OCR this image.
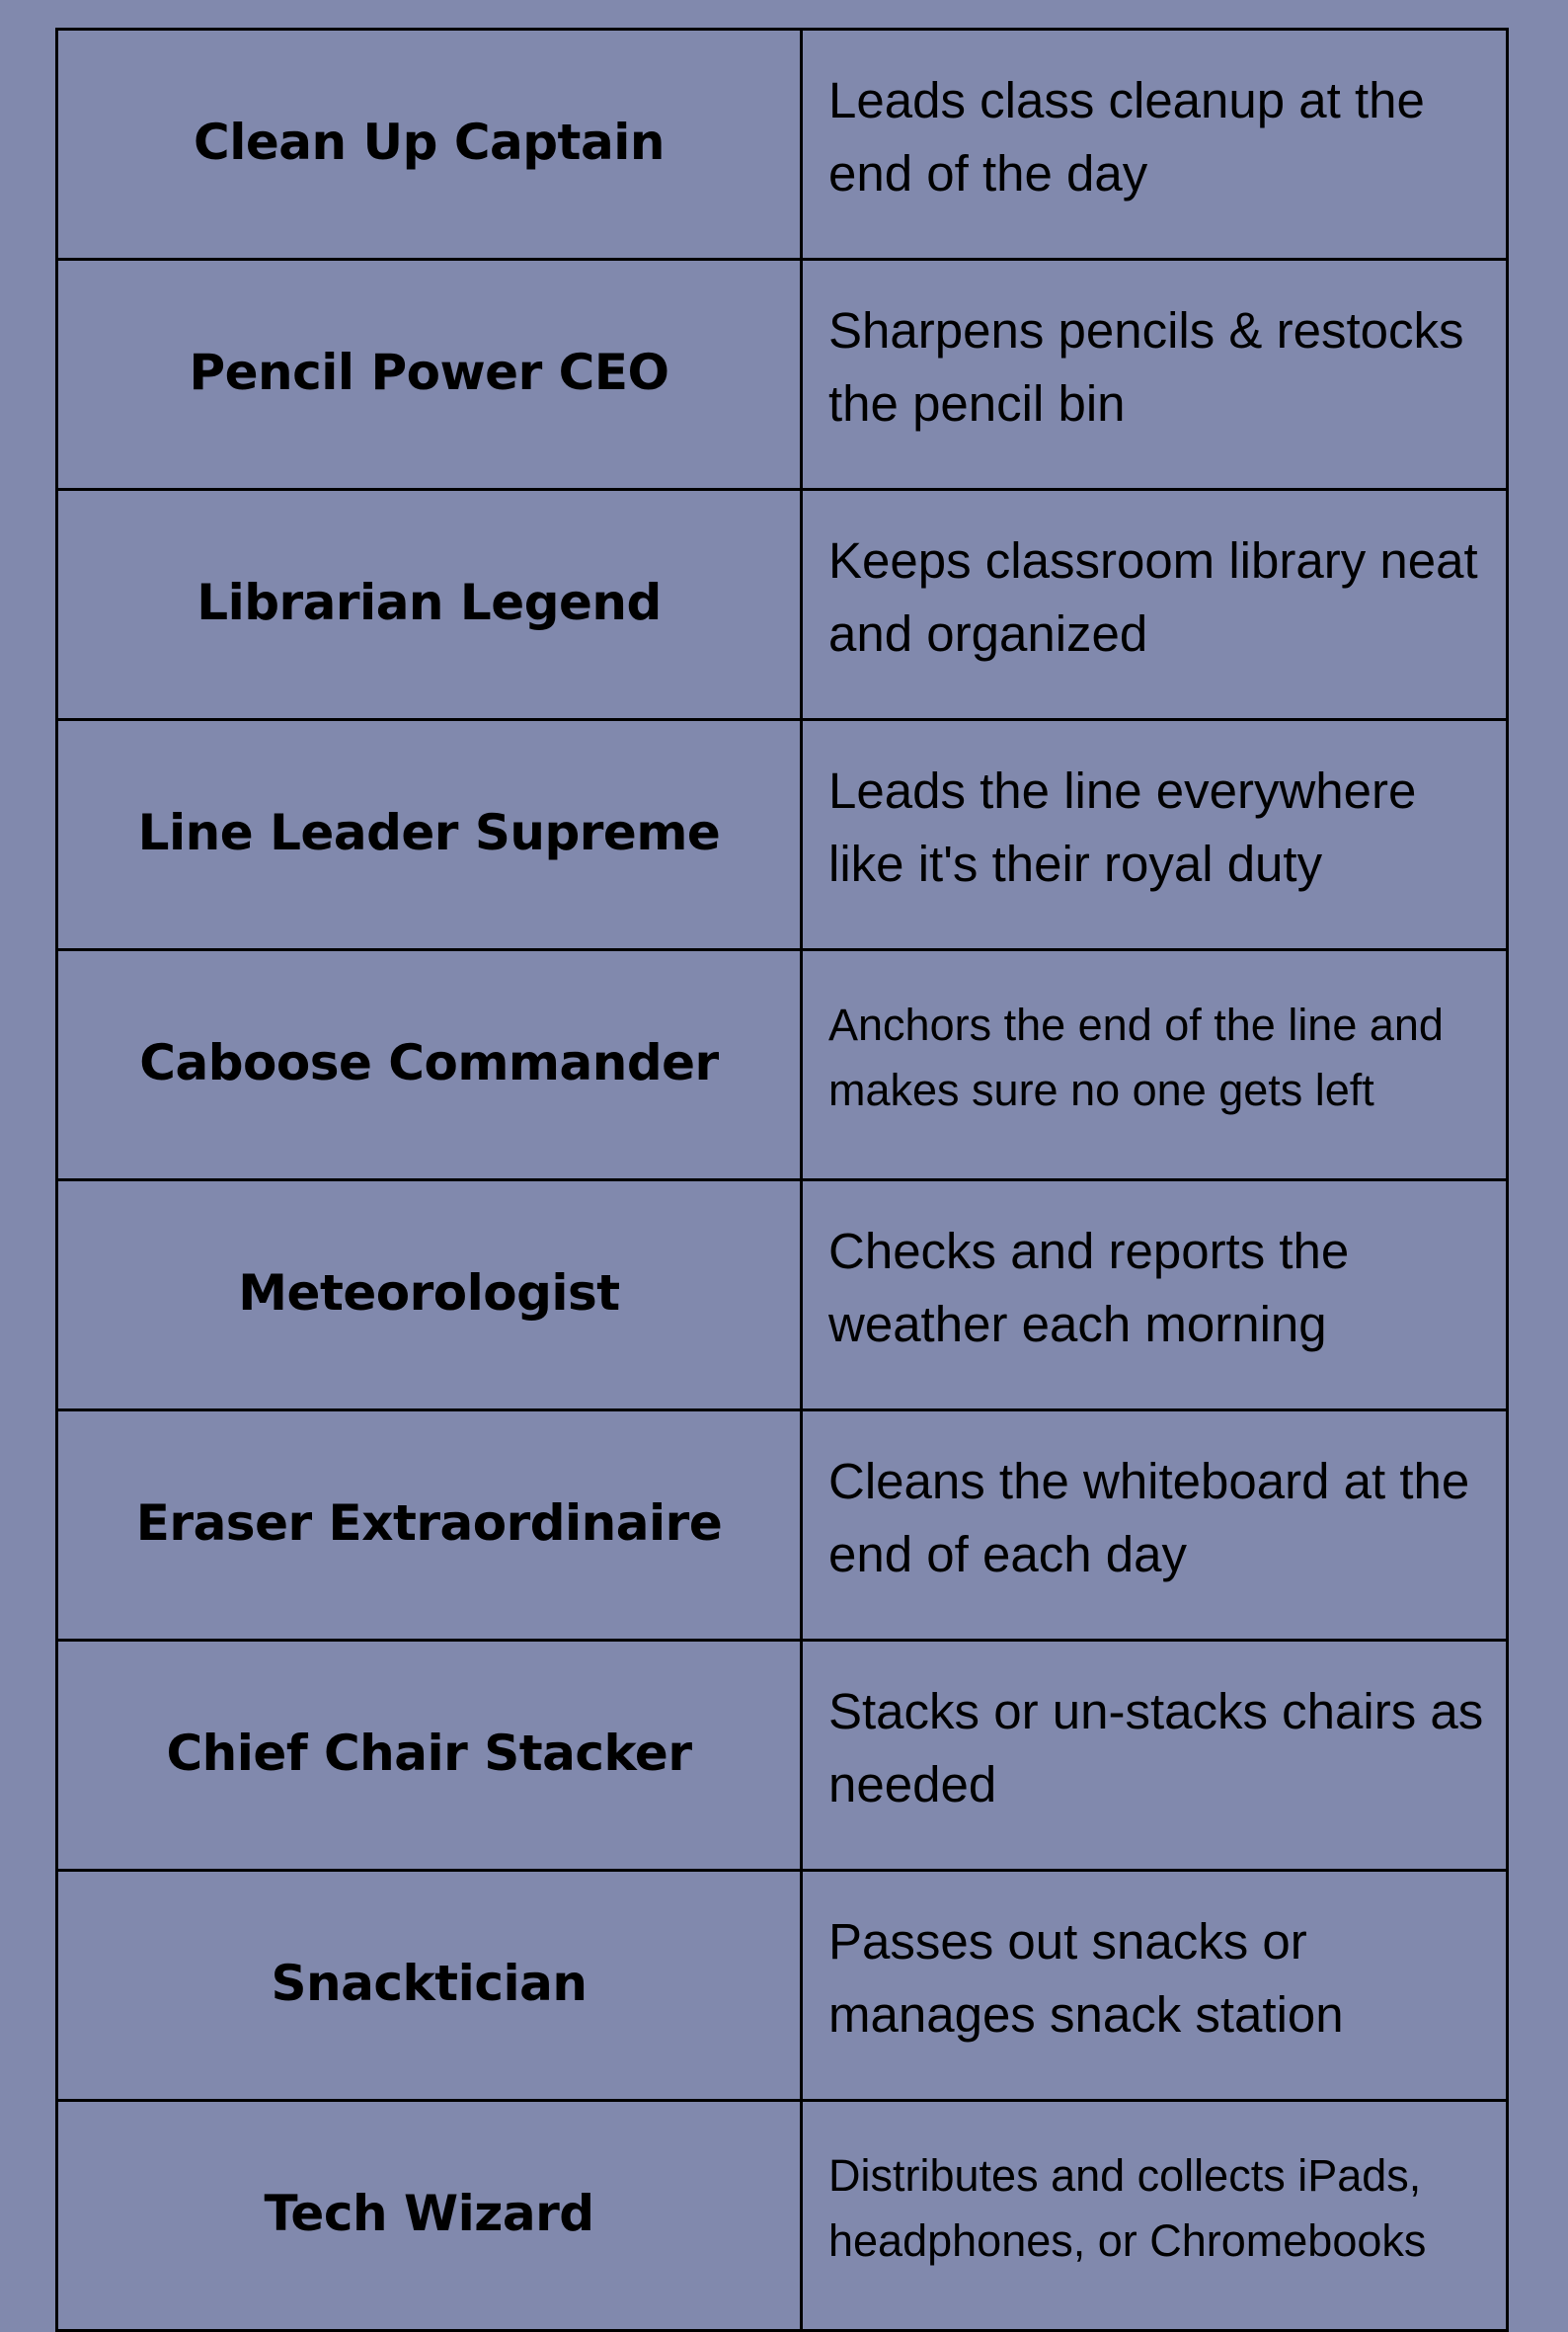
Clean Up Captain	Leads class cleanup at the end of the day
Pencil Power CEO	Sharpens pencils & restocks the pencil bin
Librarian Legend	Keeps classroom library neat and organized
Line Leader Supreme	Leads the line everywhere like it's their royal duty
Caboose Commander	Anchors the end of the line and makes sure no one gets left
Meteorologist	Checks and reports the weather each morning
Eraser Extraordinaire	Cleans the whiteboard at the end of each day
Chief Chair Stacker	Stacks or un-stacks chairs as needed
Snacktician	Passes out snacks or manages snack station
Tech Wizard	Distributes and collects iPads, headphones, or Chromebooks
